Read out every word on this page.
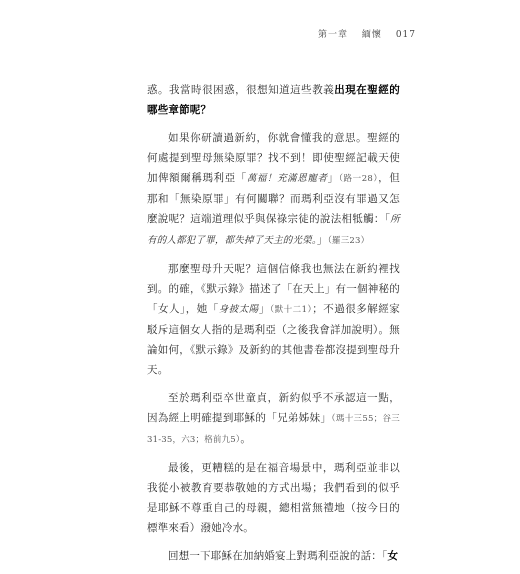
第一章 緬懷 017

惑。我當時很困惑，很想知道這些教義出現在聖經的哪些章節呢？

如果你研讀過新約，你就會懂我的意思。聖經的何處提到聖母無染原罪？找不到！即使聖經記載天使加俾額爾稱瑪利亞「萬福！充滿恩寵者」（路一28），但那和「無染原罪」有何關聯？而瑪利亞沒有罪過又怎麼說呢？這端道理似乎與保祿宗徒的說法相牴觸：「所有的人都犯了罪，都失掉了天主的光榮。」（羅三23）

那麼聖母升天呢？這個信條我也無法在新約裡找到。的確，《默示錄》描述了「在天上」有一個神秘的「女人」，她「身披太陽」（默十二1）；不過很多解經家駁斥這個女人指的是瑪利亞（之後我會詳加說明）。無論如何，《默示錄》及新約的其他書卷都沒提到聖母升天。

至於瑪利亞卒世童貞，新約似乎不承認這一點，因為經上明確提到耶穌的「兄弟姊妹」（瑪十三55；谷三31-35，六3；格前九5）。

最後，更糟糕的是在福音場景中，瑪利亞並非以我從小被教育要恭敬她的方式出場；我們看到的似乎是耶穌不尊重自己的母親，總相當無禮地（按今日的標準來看）潑她冷水。

回想一下耶穌在加納婚宴上對瑪利亞說的話：「女
